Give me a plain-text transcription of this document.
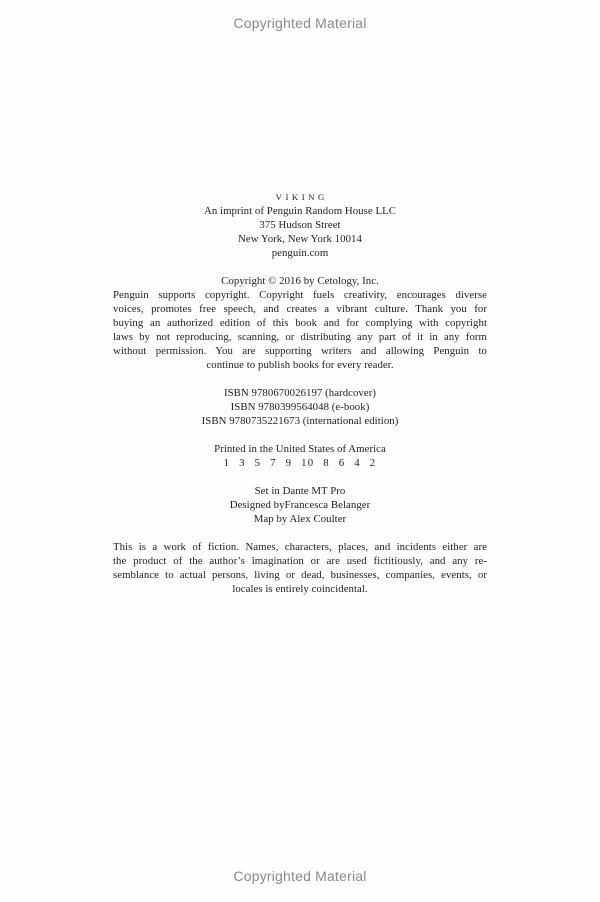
Copyrighted Material
VIKING
An imprint of Penguin Random House LLC
375 Hudson Street
New York, New York 10014
penguin.com
Copyright © 2016 by Cetology, Inc.
Penguin supports copyright. Copyright fuels creativity, encourages diverse
voices, promotes free speech, and creates a vibrant culture. Thank you for
buying an authorized edition of this book and for complying with copyright
laws by not reproducing, scanning, or distributing any part of it in any form
without permission. You are supporting writers and allowing Penguin to
continue to publish books for every reader.
ISBN 9780670026197 (hardcover)
ISBN 9780399564048 (e-book)
ISBN 9780735221673 (international edition)
Printed in the United States of America
1 3 5 7 9 10 8 6 4 2
Set in Dante MT Pro
Designed byFrancesca Belanger
Map by Alex Coulter
This is a work of fiction. Names, characters, places, and incidents either are
the product of the author’s imagination or are used fictitiously, and any re-
semblance to actual persons, living or dead, businesses, companies, events, or
locales is entirely coincidental.
Copyrighted Material
